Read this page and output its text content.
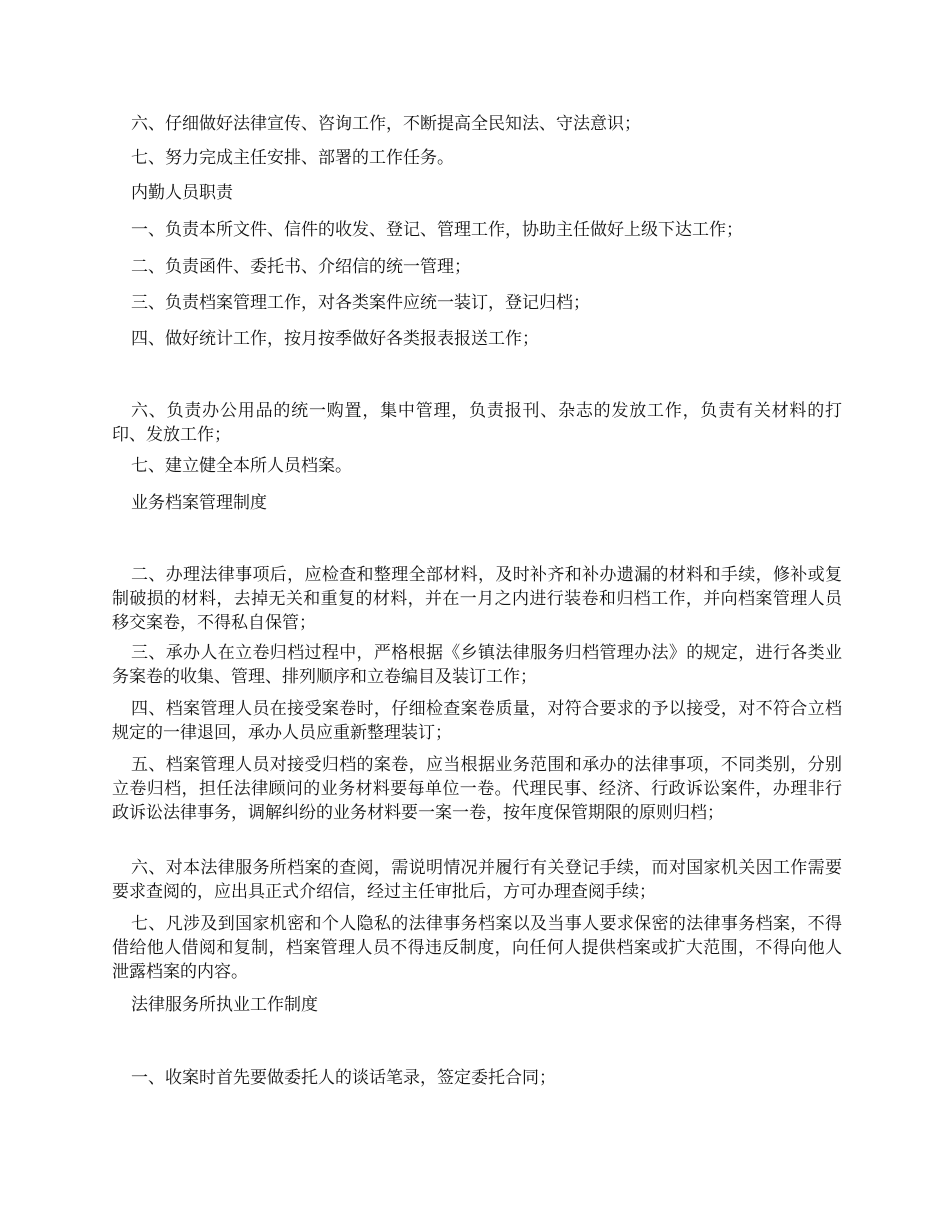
六、仔细做好法律宣传、咨询工作，不断提高全民知法、守法意识；

七、努力完成主任安排、部署的工作任务。

内勤人员职责

一、负责本所文件、信件的收发、登记、管理工作，协助主任做好上级下达工作；

二、负责函件、委托书、介绍信的统一管理；

三、负责档案管理工作，对各类案件应统一装订，登记归档；

四、做好统计工作，按月按季做好各类报表报送工作；

六、负责办公用品的统一购置，集中管理，负责报刊、杂志的发放工作，负责有关材料的打印、发放工作；

七、建立健全本所人员档案。

业务档案管理制度

二、办理法律事项后，应检查和整理全部材料，及时补齐和补办遗漏的材料和手续，修补或复制破损的材料，去掉无关和重复的材料，并在一月之内进行装卷和归档工作，并向档案管理人员移交案卷，不得私自保管；

三、承办人在立卷归档过程中，严格根据《乡镇法律服务归档管理办法》的规定，进行各类业务案卷的收集、管理、排列顺序和立卷编目及装订工作；

四、档案管理人员在接受案卷时，仔细检查案卷质量，对符合要求的予以接受，对不符合立档规定的一律退回，承办人员应重新整理装订；

五、档案管理人员对接受归档的案卷，应当根据业务范围和承办的法律事项，不同类别，分别立卷归档，担任法律顾问的业务材料要每单位一卷。代理民事、经济、行政诉讼案件，办理非行政诉讼法律事务，调解纠纷的业务材料要一案一卷，按年度保管期限的原则归档；

六、对本法律服务所档案的查阅，需说明情况并履行有关登记手续，而对国家机关因工作需要要求查阅的，应出具正式介绍信，经过主任审批后，方可办理查阅手续；

七、凡涉及到国家机密和个人隐私的法律事务档案以及当事人要求保密的法律事务档案，不得借给他人借阅和复制，档案管理人员不得违反制度，向任何人提供档案或扩大范围，不得向他人泄露档案的内容。

法律服务所执业工作制度

一、收案时首先要做委托人的谈话笔录，签定委托合同；
